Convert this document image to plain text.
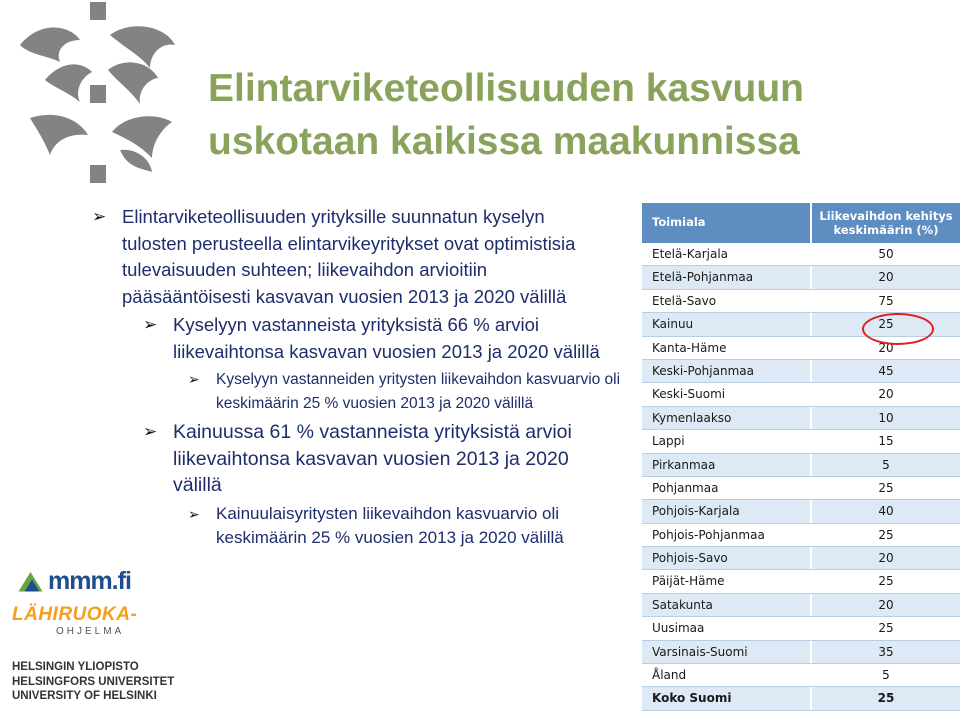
Elintarviketeollisuuden kasvuun
uskotaan kaikissa maakunnissa
➢ Elintarviketeollisuuden yrityksille suunnatun kyselyn tulosten perusteella elintarvikeyritykset ovat optimistisia tulevaisuuden suhteen; liikevaihdon arvioitiin pääsääntöisesti kasvavan vuosien 2013 ja 2020 välillä
➢ Kyselyyn vastanneista yrityksistä 66 % arvioi liikevaihtonsa kasvavan vuosien 2013 ja 2020 välillä
➢ Kyselyyn vastanneiden yritysten liikevaihdon kasvuarvio oli keskimäärin 25 % vuosien 2013 ja 2020 välillä
➢ Kainuussa 61 % vastanneista yrityksistä arvioi liikevaihtonsa kasvavan vuosien 2013 ja 2020 välillä
➢ Kainuulaisyritysten liikevaihdon kasvuarvio oli keskimäärin 25 % vuosien 2013 ja 2020 välillä
Toimiala	Liikevaihdon kehitys
keskimäärin (%)
Etelä-Karjala	50
Etelä-Pohjanmaa	20
Etelä-Savo	75
Kainuu	25
Kanta-Häme	20
Keski-Pohjanmaa	45
Keski-Suomi	20
Kymenlaakso	10
Lappi	15
Pirkanmaa	5
Pohjanmaa	25
Pohjois-Karjala	40
Pohjois-Pohjanmaa	25
Pohjois-Savo	20
Päijät-Häme	25
Satakunta	20
Uusimaa	25
Varsinais-Suomi	35
Åland	5
Koko Suomi	25
mmm.fi
LÄHIRUOKA-
OHJELMA
HELSINGIN YLIOPISTO
HELSINGFORS UNIVERSITET
UNIVERSITY OF HELSINKI
